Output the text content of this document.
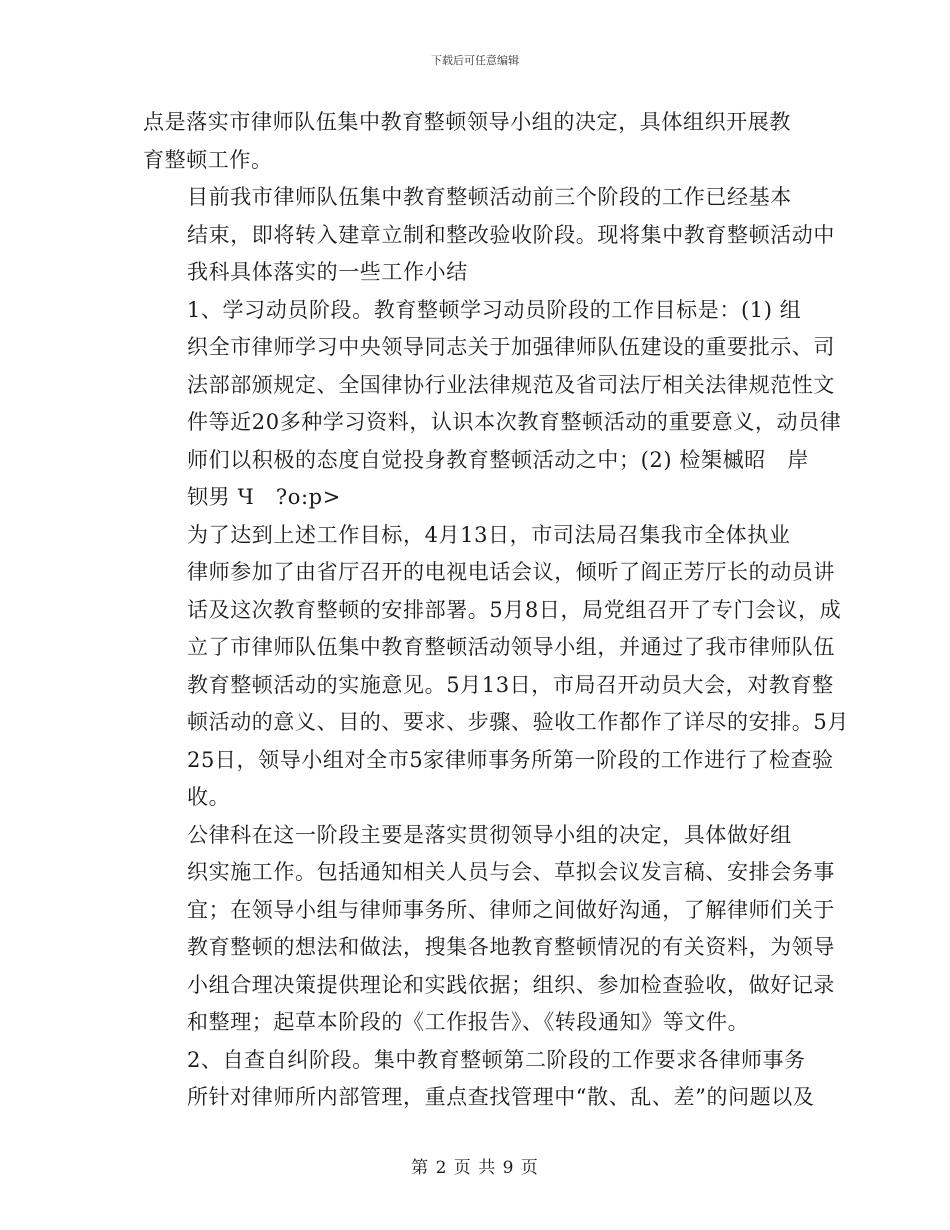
下载后可任意编辑

点是落实市律师队伍集中教育整顿领导小组的决定，具体组织开展教
育整顿工作。

目前我市律师队伍集中教育整顿活动前三个阶段的工作已经基本
结束，即将转入建章立制和整改验收阶段。现将集中教育整顿活动中
我科具体落实的一些工作小结

1、学习动员阶段。教育整顿学习动员阶段的工作目标是：(1) 组
织全市律师学习中央领导同志关于加强律师队伍建设的重要批示、司
法部部颁规定、全国律协行业法律规范及省司法厅相关法律规范性文
件等近20多种学习资料，认识本次教育整顿活动的重要意义，动员律
师们以积极的态度自觉投身教育整顿活动之中；(2) 检榘槭昭　岸
钡男 Ч　?o:p>

为了达到上述工作目标，4月13日，市司法局召集我市全体执业
律师参加了由省厅召开的电视电话会议，倾听了阎正芳厅长的动员讲
话及这次教育整顿的安排部署。5月8日，局党组召开了专门会议，成
立了市律师队伍集中教育整顿活动领导小组，并通过了我市律师队伍
教育整顿活动的实施意见。5月13日，市局召开动员大会，对教育整
顿活动的意义、目的、要求、步骤、验收工作都作了详尽的安排。5月
25日，领导小组对全市5家律师事务所第一阶段的工作进行了检查验
收。

公律科在这一阶段主要是落实贯彻领导小组的决定，具体做好组
织实施工作。包括通知相关人员与会、草拟会议发言稿、安排会务事
宜；在领导小组与律师事务所、律师之间做好沟通，了解律师们关于
教育整顿的想法和做法，搜集各地教育整顿情况的有关资料，为领导
小组合理决策提供理论和实践依据；组织、参加检查验收，做好记录
和整理；起草本阶段的《工作报告》、《转段通知》等文件。

2、自查自纠阶段。集中教育整顿第二阶段的工作要求各律师事务
所针对律师所内部管理，重点查找管理中“散、乱、差”的问题以及

第 2 页 共 9 页
